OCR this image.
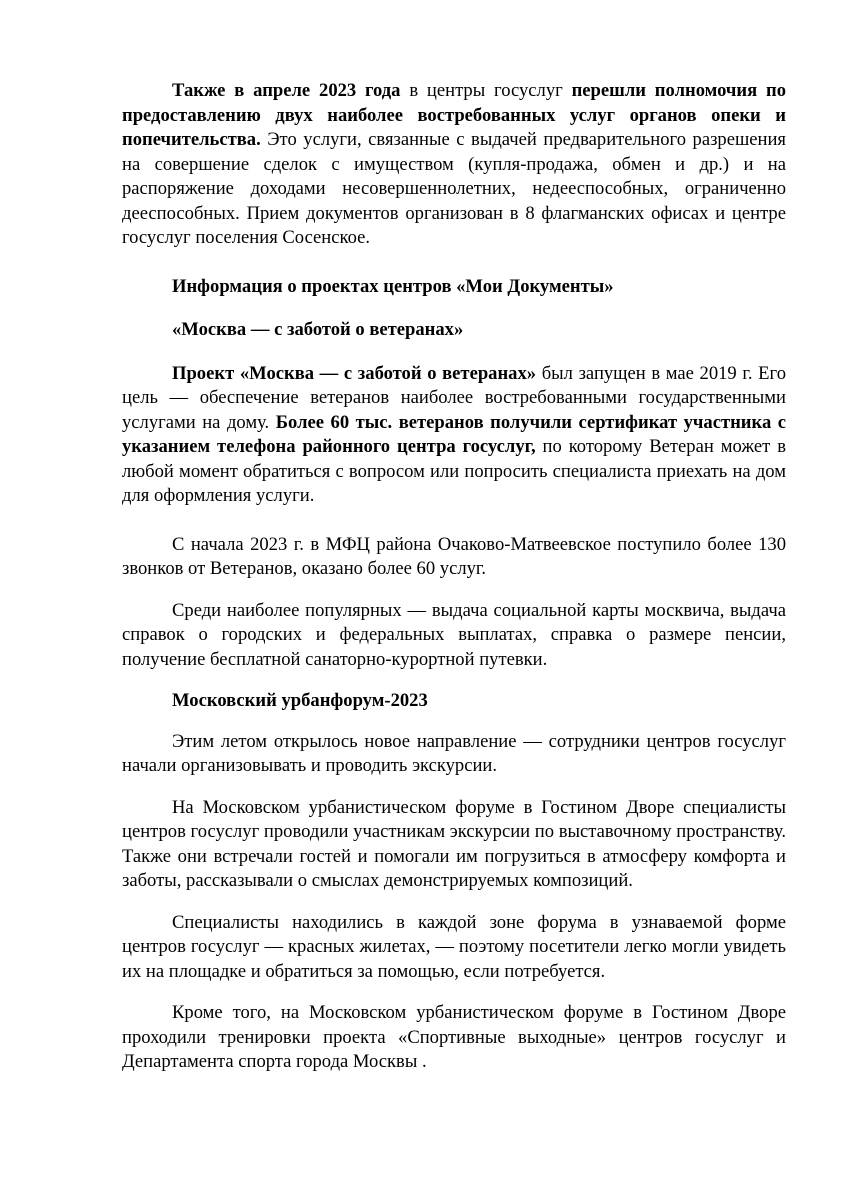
Также в апреле 2023 года в центры госуслуг перешли полномочия по предоставлению двух наиболее востребованных услуг органов опеки и попечительства. Это услуги, связанные с выдачей предварительного разрешения на совершение сделок с имуществом (купля-продажа, обмен и др.) и на распоряжение доходами несовершеннолетних, недееспособных, ограниченно дееспособных. Прием документов организован в 8 флагманских офисах и центре госуслуг поселения Сосенское.

Информация о проектах центров «Мои Документы»

«Москва — с заботой о ветеранах»

Проект «Москва — с заботой о ветеранах» был запущен в мае 2019 г. Его цель — обеспечение ветеранов наиболее востребованными государственными услугами на дому. Более 60 тыс. ветеранов получили сертификат участника с указанием телефона районного центра госуслуг, по которому Ветеран может в любой момент обратиться с вопросом или попросить специалиста приехать на дом для оформления услуги.

С начала 2023 г. в МФЦ района Очаково-Матвеевское поступило более 130 звонков от Ветеранов, оказано более 60 услуг.

Среди наиболее популярных — выдача социальной карты москвича, выдача справок о городских и федеральных выплатах, справка о размере пенсии, получение бесплатной санаторно-курортной путевки.

Московский урбанфорум-2023

Этим летом открылось новое направление — сотрудники центров госуслуг начали организовывать и проводить экскурсии.

На Московском урбанистическом форуме в Гостином Дворе специалисты центров госуслуг проводили участникам экскурсии по выставочному пространству. Также они встречали гостей и помогали им погрузиться в атмосферу комфорта и заботы, рассказывали о смыслах демонстрируемых композиций.

Специалисты находились в каждой зоне форума в узнаваемой форме центров госуслуг — красных жилетах, — поэтому посетители легко могли увидеть их на площадке и обратиться за помощью, если потребуется.

Кроме того, на Московском урбанистическом форуме в Гостином Дворе проходили тренировки проекта «Спортивные выходные» центров госуслуг и Департамента спорта города Москвы .
